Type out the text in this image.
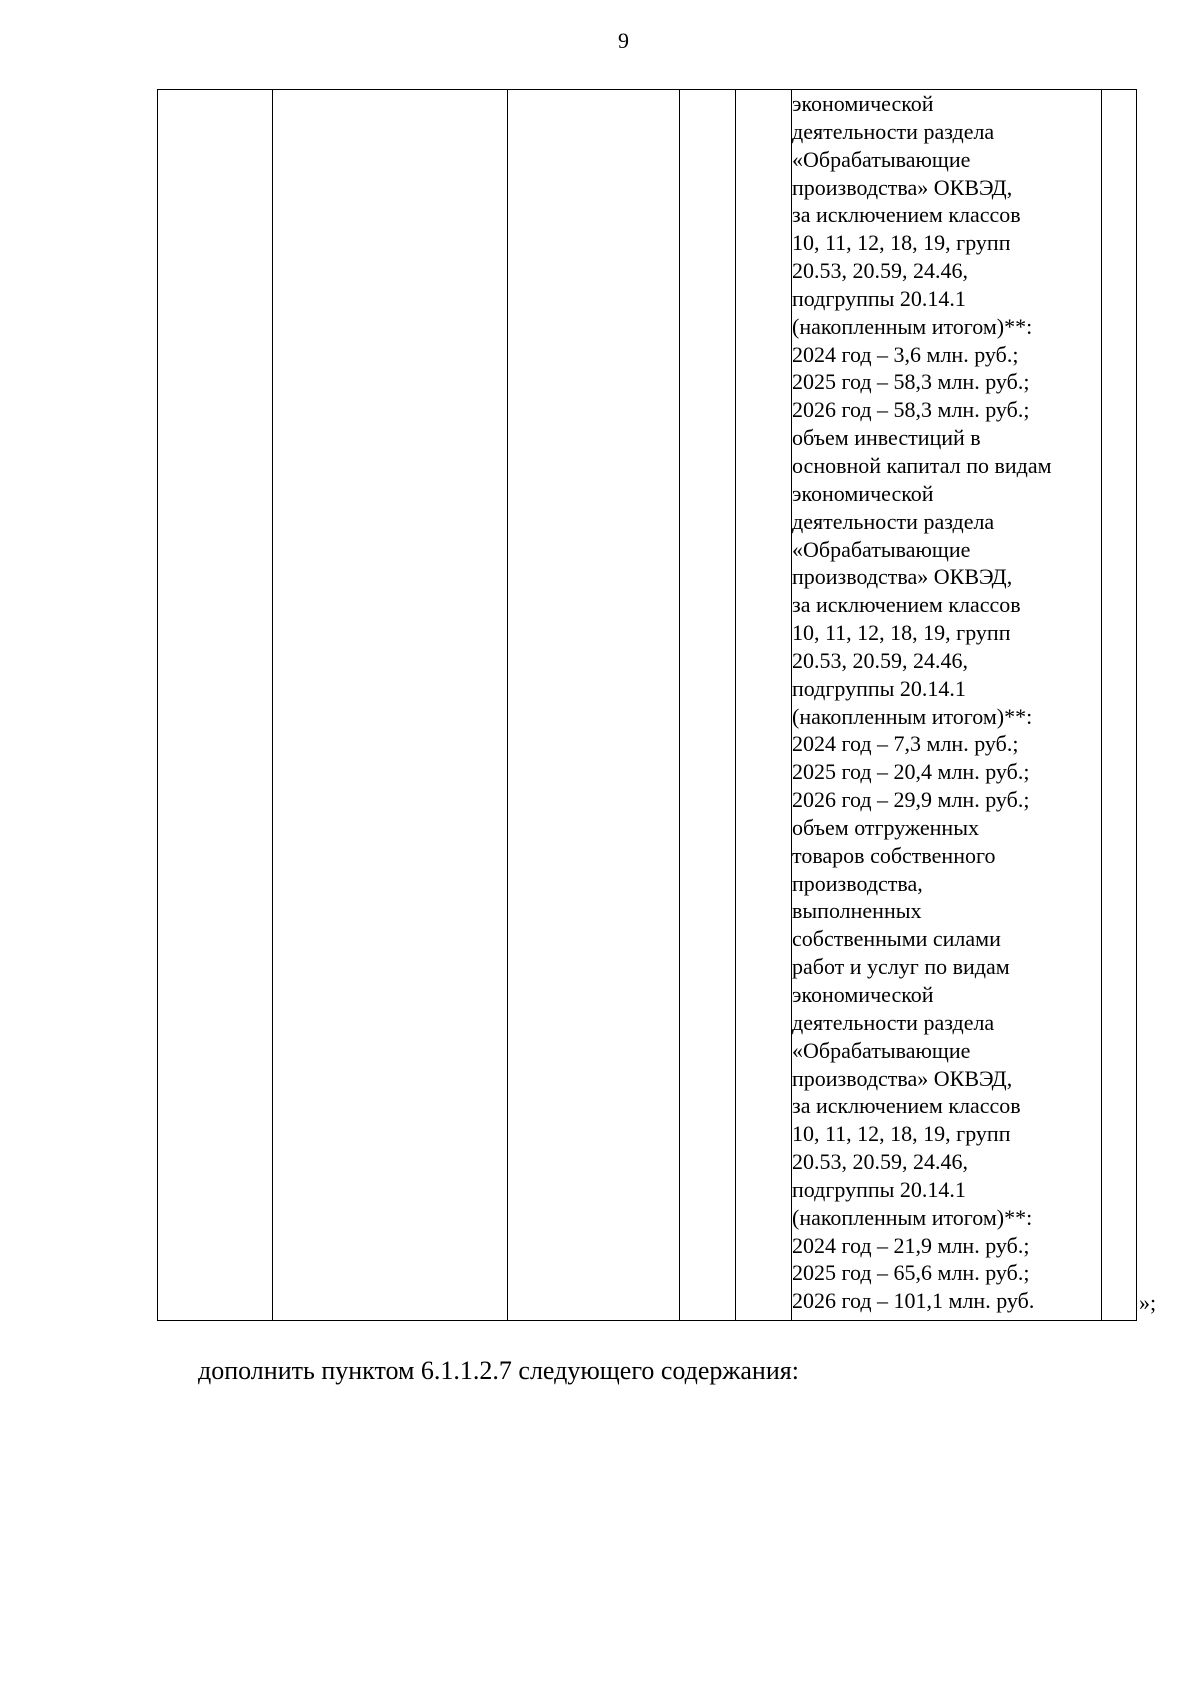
9
					экономической
деятельности раздела
«Обрабатывающие
производства» ОКВЭД,
за исключением классов
10, 11, 12, 18, 19, групп
20.53, 20.59, 24.46,
подгруппы 20.14.1
(накопленным итогом)**:
2024 год – 3,6 млн. руб.;
2025 год – 58,3 млн. руб.;
2026 год – 58,3 млн. руб.;
объем инвестиций в
основной капитал по видам
экономической
деятельности раздела
«Обрабатывающие
производства» ОКВЭД,
за исключением классов
10, 11, 12, 18, 19, групп
20.53, 20.59, 24.46,
подгруппы 20.14.1
(накопленным итогом)**:
2024 год – 7,3 млн. руб.;
2025 год – 20,4 млн. руб.;
2026 год – 29,9 млн. руб.;
объем отгруженных
товаров собственного
производства,
выполненных
собственными силами
работ и услуг по видам
экономической
деятельности раздела
«Обрабатывающие
производства» ОКВЭД,
за исключением классов
10, 11, 12, 18, 19, групп
20.53, 20.59, 24.46,
подгруппы 20.14.1
(накопленным итогом)**:
2024 год – 21,9 млн. руб.;
2025 год – 65,6 млн. руб.;
2026 год – 101,1 млн. руб.		»;
дополнить пунктом 6.1.1.2.7 следующего содержания:
